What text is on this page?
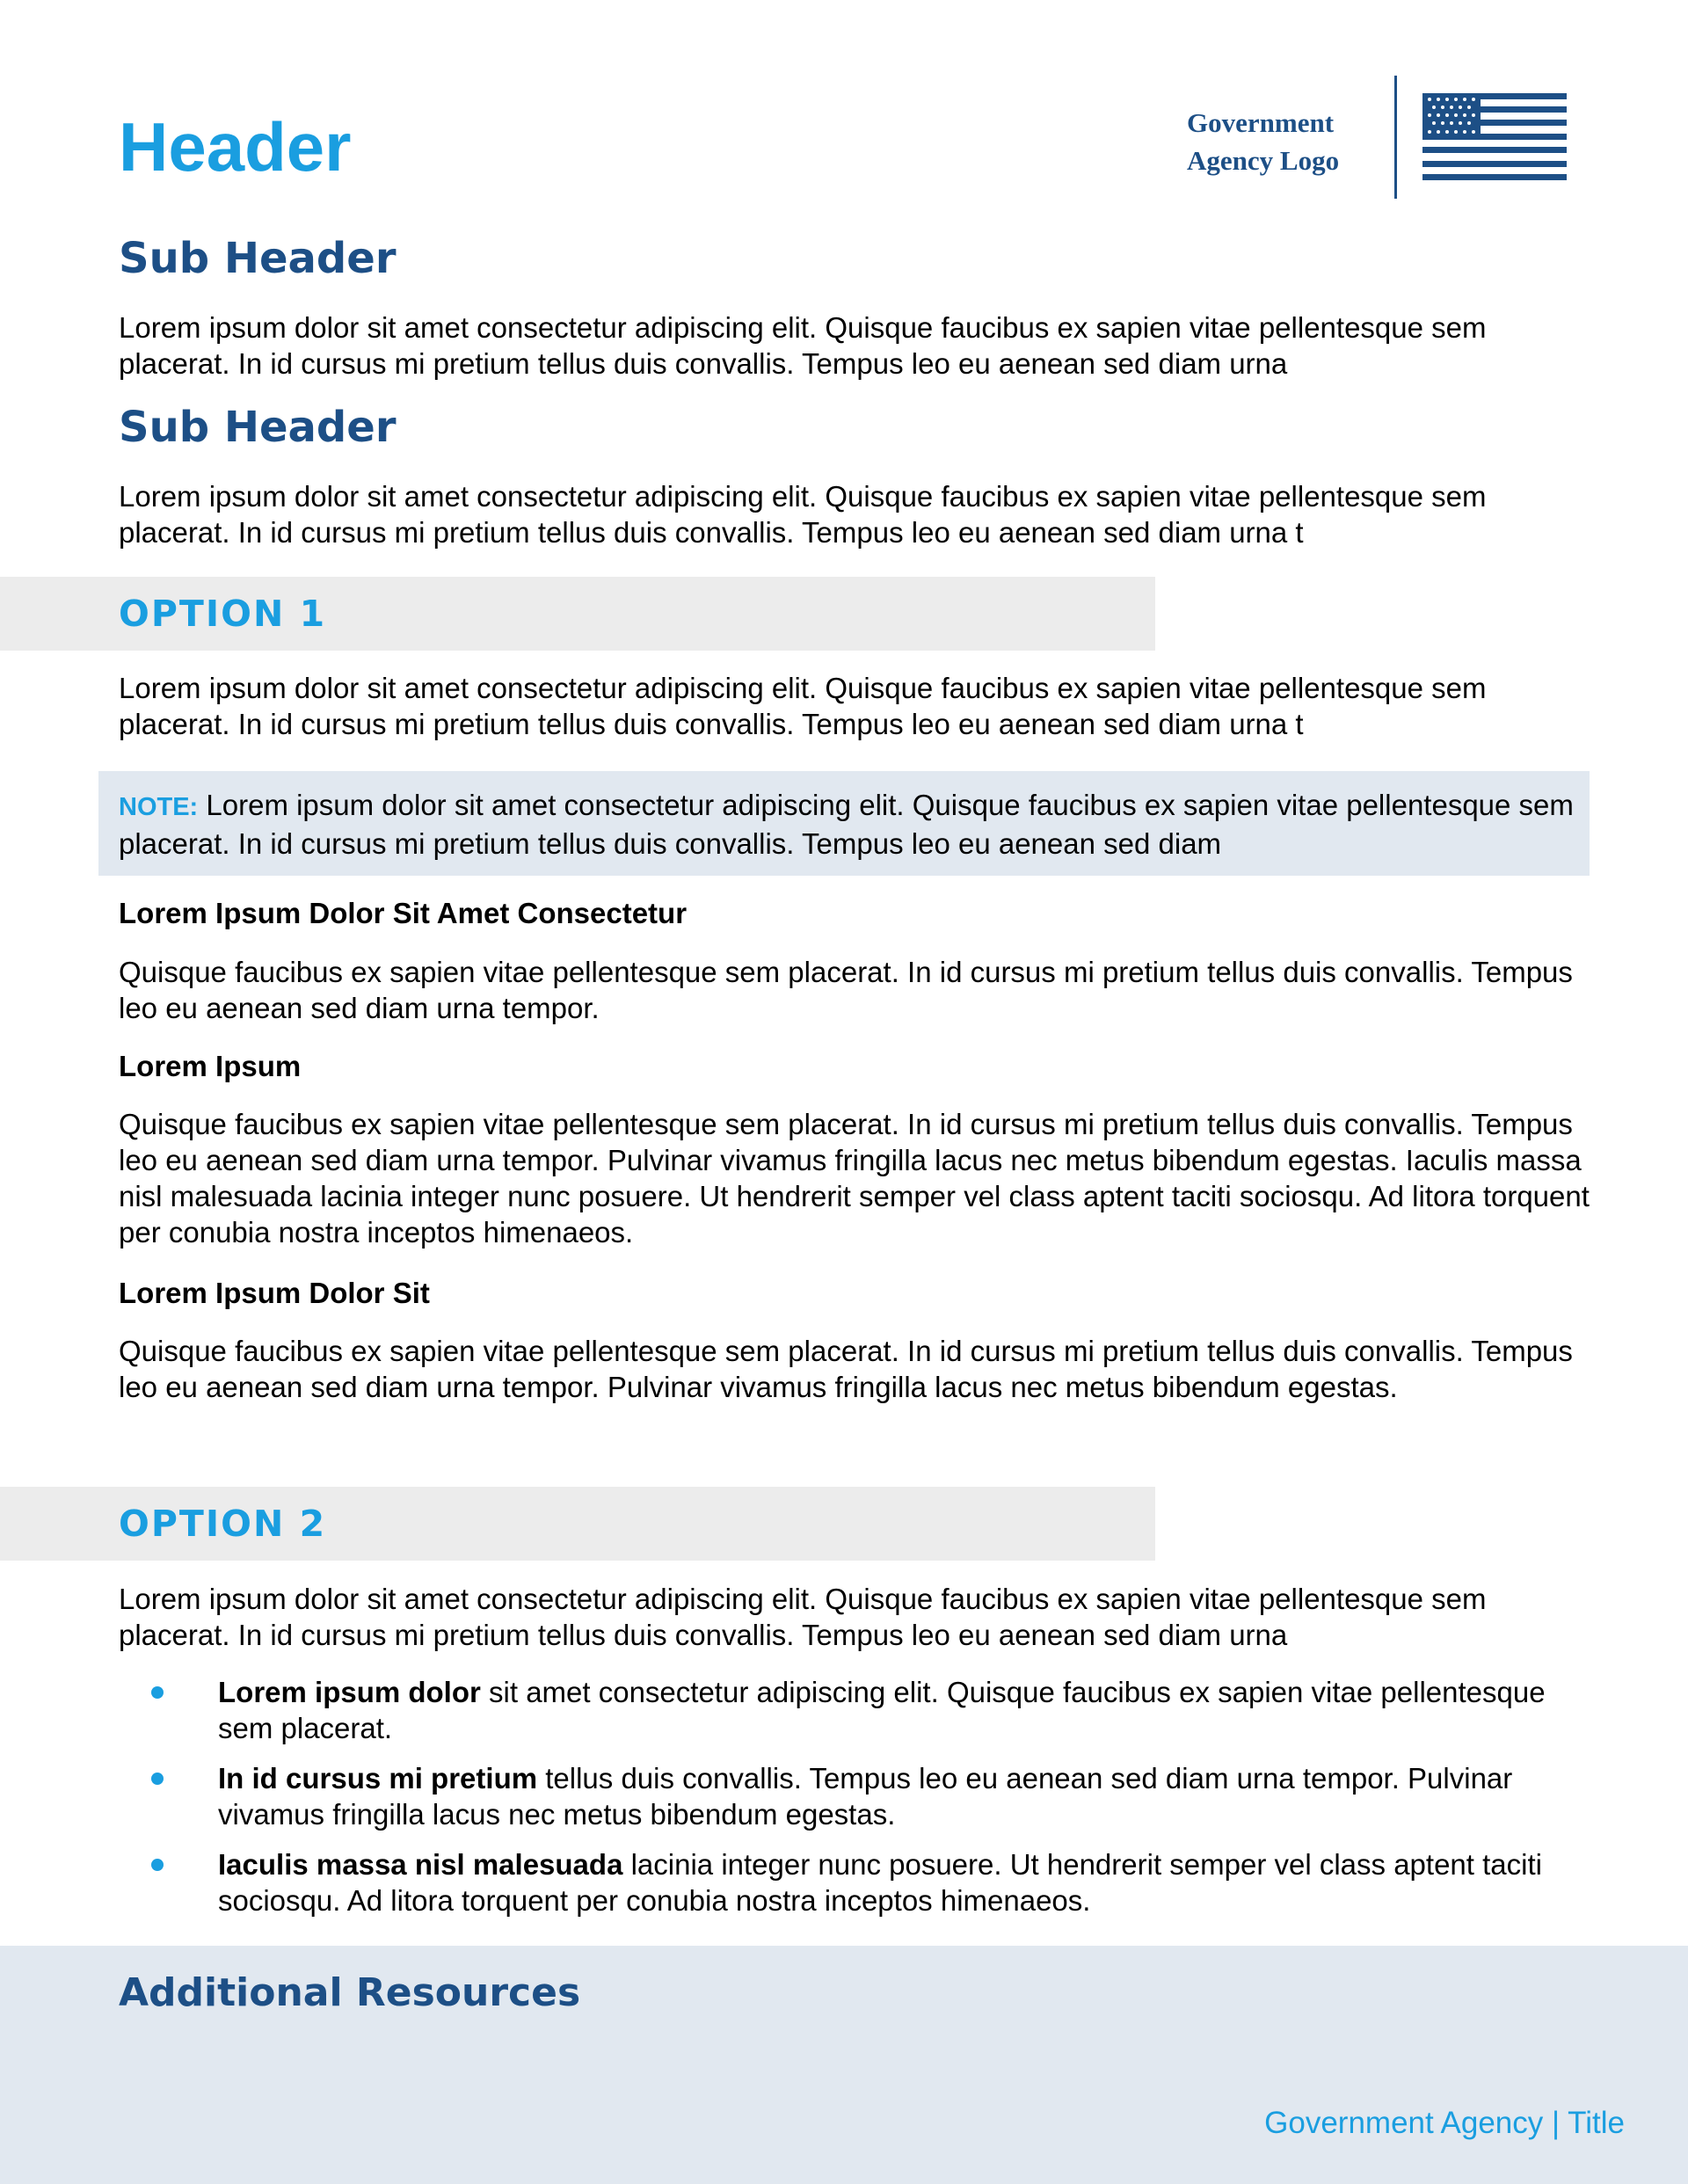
Header	Government
Agency Logo
Sub Header

Lorem ipsum dolor sit amet consectetur adipiscing elit. Quisque faucibus ex sapien vitae pellentesque sem placerat. In id cursus mi pretium tellus duis convallis. Tempus leo eu aenean sed diam urna

Sub Header

Lorem ipsum dolor sit amet consectetur adipiscing elit. Quisque faucibus ex sapien vitae pellentesque sem placerat. In id cursus mi pretium tellus duis convallis. Tempus leo eu aenean sed diam urna t

OPTION 1

Lorem ipsum dolor sit amet consectetur adipiscing elit. Quisque faucibus ex sapien vitae pellentesque sem placerat. In id cursus mi pretium tellus duis convallis. Tempus leo eu aenean sed diam urna t

NOTE: Lorem ipsum dolor sit amet consectetur adipiscing elit. Quisque faucibus ex sapien vitae pellentesque sem placerat. In id cursus mi pretium tellus duis convallis. Tempus leo eu aenean sed diam

Lorem Ipsum Dolor Sit Amet Consectetur

Quisque faucibus ex sapien vitae pellentesque sem placerat. In id cursus mi pretium tellus duis convallis. Tempus leo eu aenean sed diam urna tempor.

Lorem Ipsum

Quisque faucibus ex sapien vitae pellentesque sem placerat. In id cursus mi pretium tellus duis convallis. Tempus leo eu aenean sed diam urna tempor. Pulvinar vivamus fringilla lacus nec metus bibendum egestas. Iaculis massa nisl malesuada lacinia integer nunc posuere. Ut hendrerit semper vel class aptent taciti sociosqu. Ad litora torquent per conubia nostra inceptos himenaeos.

Lorem Ipsum Dolor Sit

Quisque faucibus ex sapien vitae pellentesque sem placerat. In id cursus mi pretium tellus duis convallis. Tempus leo eu aenean sed diam urna tempor. Pulvinar vivamus fringilla lacus nec metus bibendum egestas.

OPTION 2

Lorem ipsum dolor sit amet consectetur adipiscing elit. Quisque faucibus ex sapien vitae pellentesque sem placerat. In id cursus mi pretium tellus duis convallis. Tempus leo eu aenean sed diam urna

Lorem ipsum dolor sit amet consectetur adipiscing elit. Quisque faucibus ex sapien vitae pellentesque sem placerat.
In id cursus mi pretium tellus duis convallis. Tempus leo eu aenean sed diam urna tempor. Pulvinar vivamus fringilla lacus nec metus bibendum egestas.
Iaculis massa nisl malesuada lacinia integer nunc posuere. Ut hendrerit semper vel class aptent taciti sociosqu. Ad litora torquent per conubia nostra inceptos himenaeos.
Additional Resources
Government Agency | Title
